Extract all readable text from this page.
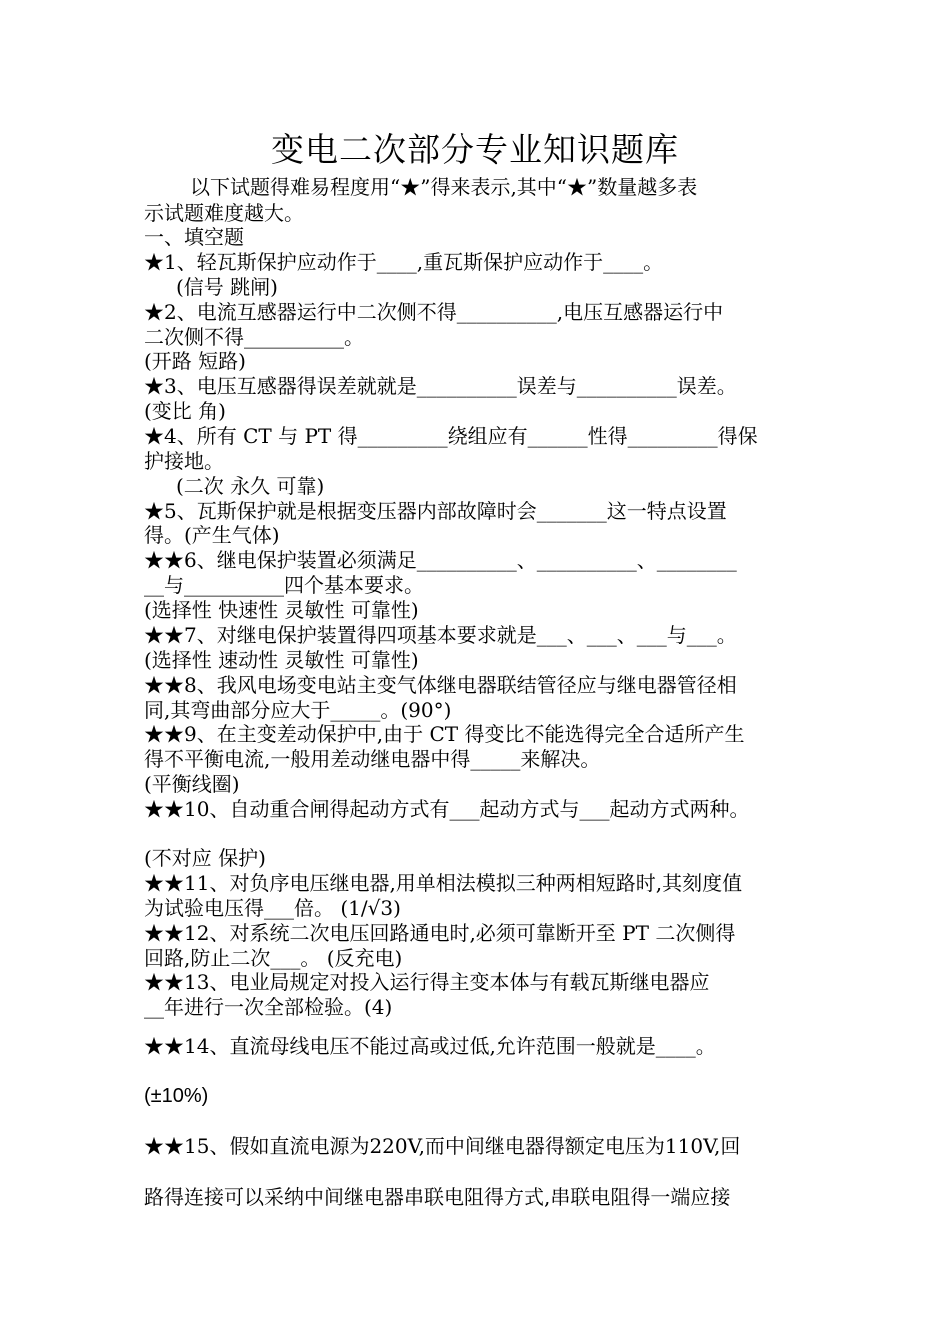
变电二次部分专业知识题库
以下试题得难易程度用“★”得来表示,其中“★”数量越多表
示试题难度越大。
一、填空题
★1、轻瓦斯保护应动作于____,重瓦斯保护应动作于____。
(信号 跳闸)
★2、电流互感器运行中二次侧不得__________,电压互感器运行中
二次侧不得__________。
(开路 短路)
★3、电压互感器得误差就就是__________误差与__________误差。
(变比 角)
★4、所有 CT 与 PT 得_________绕组应有______性得_________得保
护接地。
(二次 永久 可靠)
★5、瓦斯保护就是根据变压器内部故障时会_______这一特点设置
得。(产生气体)
★★6、继电保护装置必须满足__________、__________、________
__与__________四个基本要求。
(选择性 快速性 灵敏性 可靠性)
★★7、对继电保护装置得四项基本要求就是___、___、___与___。
(选择性 速动性 灵敏性 可靠性)
★★8、我风电场变电站主变气体继电器联结管径应与继电器管径相
同,其弯曲部分应大于_____。(90°)
★★9、在主变差动保护中,由于 CT 得变比不能选得完全合适所产生
得不平衡电流,一般用差动继电器中得_____来解决。
(平衡线圈)
★★10、自动重合闸得起动方式有___起动方式与___起动方式两种。
(不对应 保护)
★★11、对负序电压继电器,用单相法模拟三种两相短路时,其刻度值
为试验电压得___倍。 (1/√3)
★★12、对系统二次电压回路通电时,必须可靠断开至 PT 二次侧得
回路,防止二次___。 (反充电)
★★13、电业局规定对投入运行得主变本体与有载瓦斯继电器应
__年进行一次全部检验。(4)
★★14、直流母线电压不能过高或过低,允许范围一般就是____。
(±10%)
★★15、假如直流电源为220V,而中间继电器得额定电压为110V,回
路得连接可以采纳中间继电器串联电阻得方式,串联电阻得一端应接
